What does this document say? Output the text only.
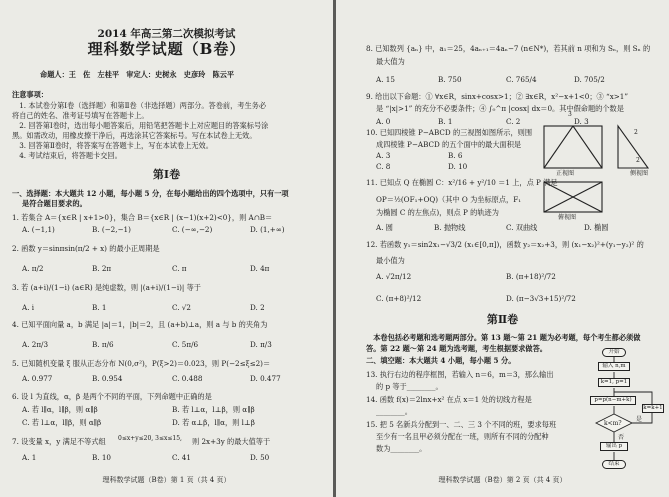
2014 年高三第二次模拟考试
理科数学试题（B卷）
命题人：王　佐　左桂平　审定人：史树永　史彦玲　陈云平
注意事项：
　1. 本试卷分第Ⅰ卷（选择题）和第Ⅱ卷（非选择题）两部分。答卷前，考生务必
将自己的姓名、准考证号填写在答题卡上。
　2. 回答第Ⅰ卷时，选出每小题答案后，用铅笔把答题卡上对应题目的答案标号涂
黑。如需改动，用橡皮擦干净后，再选涂其它答案标号。写在本试卷上无效。
　3. 回答第Ⅱ卷时，将答案写在答题卡上，写在本试卷上无效。
　4. 考试结束后，将答题卡交回。
第Ⅰ卷
一、选择题：本大题共 12 小题，每小题 5 分，在每小题给出的四个选项中，只有一项
是符合题目要求的。
1. 若集合 A＝{x∈R | x+1>0}，集合 B＝{x∈R | (x−1)(x+2)<0}，则 A∩B＝
A. (−1,1)	B. (−2,−1)	C. (−∞,−2)	D. (1,+∞)
2. 函数 y＝sinπsin(π/2 + x) 的最小正周期是
A. π/2	B. 2π	C. π	D. 4π
3. 若 (a+i)/(1−i) (a∈R) 是纯虚数，则 |(a+i)/(1−i)| 等于
A. i	B. 1	C. √2	D. 2
4. 已知平面向量 a，b 满足 |a|＝1，|b|＝2，且 (a+b)⊥a，则 a 与 b 的夹角为
A. 2π/3	B. π/6	C. 5π/6	D. π/3
5. 已知随机变量 ξ 服从正态分布 N(0,σ²)，P(ξ>2)＝0.023，则 P(−2≤ξ≤2)＝
A. 0.977	B. 0.954	C. 0.488	D. 0.477
6. 设 l 为直线，α，β 是两个不同的平面，下列命题中正确的是
A. 若 l∥α，l∥β，则 α∥β	B. 若 l⊥α，l⊥β，则 α∥β
C. 若 l⊥α，l∥β，则 α∥β	D. 若 α⊥β，l∥α，则 l⊥β
7. 设变量 x，y 满足不等式组 0≤x+y≤20, 3≤x≤15, 则 2x+3y 的最大值等于
A. 1	B. 10	C. 41	D. 50
理科数学试题（B卷）第 1 页（共 4 页）
8. 已知数列 {aₙ} 中，a₁＝25，4aₙ₊₁＝4aₙ−7 (n∈N*)，若其前 n 项和为 Sₙ，则 Sₙ 的
最大值为
A. 15	B. 750	C. 765/4	D. 705/2
9. 给出以下命题：① ∀x∈R，sinx+cosx>1；② ∃x∈R，x²−x+1<0；③ “x>1”
是 “|x|>1” 的充分不必要条件；④ ∫₀^π |cosx| dx＝0。其中假命题的个数是
A. 0	B. 1	C. 2	D. 3
10. 已知四棱锥 P−ABCD 的三视图如图所示，则围
成四棱锥 P−ABCD 的五个面中的最大面积是
A. 3	B. 6
C. 8	D. 10
3
2
2
正视图	侧视图
俯视图
11. 已知点 Q 在椭圆 C：x²/16 + y²/10 ＝1 上，点 P 满足
OP＝½(OF₁+OQ)（其中 O 为坐标原点，F₁
为椭圆 C 的左焦点)，则点 P 的轨迹为
A. 圆	B. 抛物线	C. 双曲线	D. 椭圆
12. 若函数 y₁＝sin2x₁−√3/2 (x₁∈[0,π])，函数 y₂＝x₂+3，则 (x₁−x₂)²+(y₁−y₂)² 的
最小值为
A. √2π/12	B. (π+18)²/72
C. (π+8)²/12	D. (π−3√3+15)²/72
第Ⅱ卷
　本卷包括必考题和选考题两部分。第 13 题～第 21 题为必考题，每个考生都必须做
答。第 22 题～第 24 题为选考题，考生根据要求做答。
二、填空题：本大题共 4 小题，每小题 5 分。
13. 执行右边的程序框图，若输入 n＝6，m＝3，那么输出
的 p 等于________。
14. 函数 f(x)＝2lnx+x² 在点 x＝1 处的切线方程是
________。
15. 把 5 名新兵分配到一、二、三 3 个不同的班，要求每班
至少有一名且甲必须分配在一班，则所有不同的分配种
数为________。
开始
输入 n,m
k=1, p=1
p=p(n−m+k)
k=k+1
k<m?
是
否
输出 p
结束
理科数学试题（B卷）第 2 页（共 4 页）
